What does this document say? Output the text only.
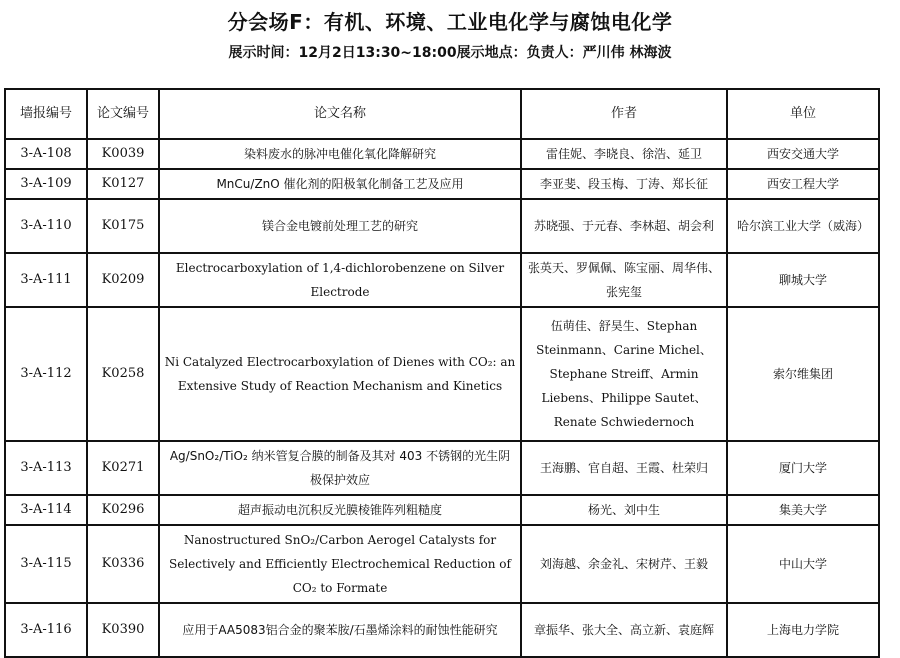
分会场F：有机、环境、工业电化学与腐蚀电化学
展示时间：12月2日13:30~18:00展示地点：负责人：严川伟 林海波
墙报编号	论文编号	论文名称	作者	单位
3-A-108	K0039	染料废水的脉冲电催化氧化降解研究	雷佳妮、李晓良、徐浩、延卫	西安交通大学
3-A-109	K0127	MnCu/ZnO 催化剂的阳极氧化制备工艺及应用	李亚斐、段玉梅、丁涛、郑长征	西安工程大学
3-A-110	K0175	镁合金电镀前处理工艺的研究	苏晓强、于元春、李林超、胡会利	哈尔滨工业大学（威海）
3-A-111	K0209	Electrocarboxylation of 1,4-dichlorobenzene on Silver Electrode	张英天、罗佩佩、陈宝丽、周华伟、张宪玺	聊城大学
3-A-112	K0258	Ni Catalyzed Electrocarboxylation of Dienes with CO₂: an Extensive Study of Reaction Mechanism and Kinetics	伍萌佳、舒昊生、Stephan Steinmann、Carine Michel、Stephane Streiff、Armin Liebens、Philippe Sautet、Renate Schwiedernoch	索尔维集团
3-A-113	K0271	Ag/SnO₂/TiO₂ 纳米管复合膜的制备及其对 403 不锈钢的光生阴极保护效应	王海鹏、官自超、王霞、杜荣归	厦门大学
3-A-114	K0296	超声振动电沉积反光膜棱锥阵列粗糙度	杨光、刘中生	集美大学
3-A-115	K0336	Nanostructured SnO₂/Carbon Aerogel Catalysts for Selectively and Efficiently Electrochemical Reduction of CO₂ to Formate	刘海越、余金礼、宋树芹、王毅	中山大学
3-A-116	K0390	应用于AA5083铝合金的聚苯胺/石墨烯涂料的耐蚀性能研究	章振华、张大全、高立新、袁庭辉	上海电力学院
